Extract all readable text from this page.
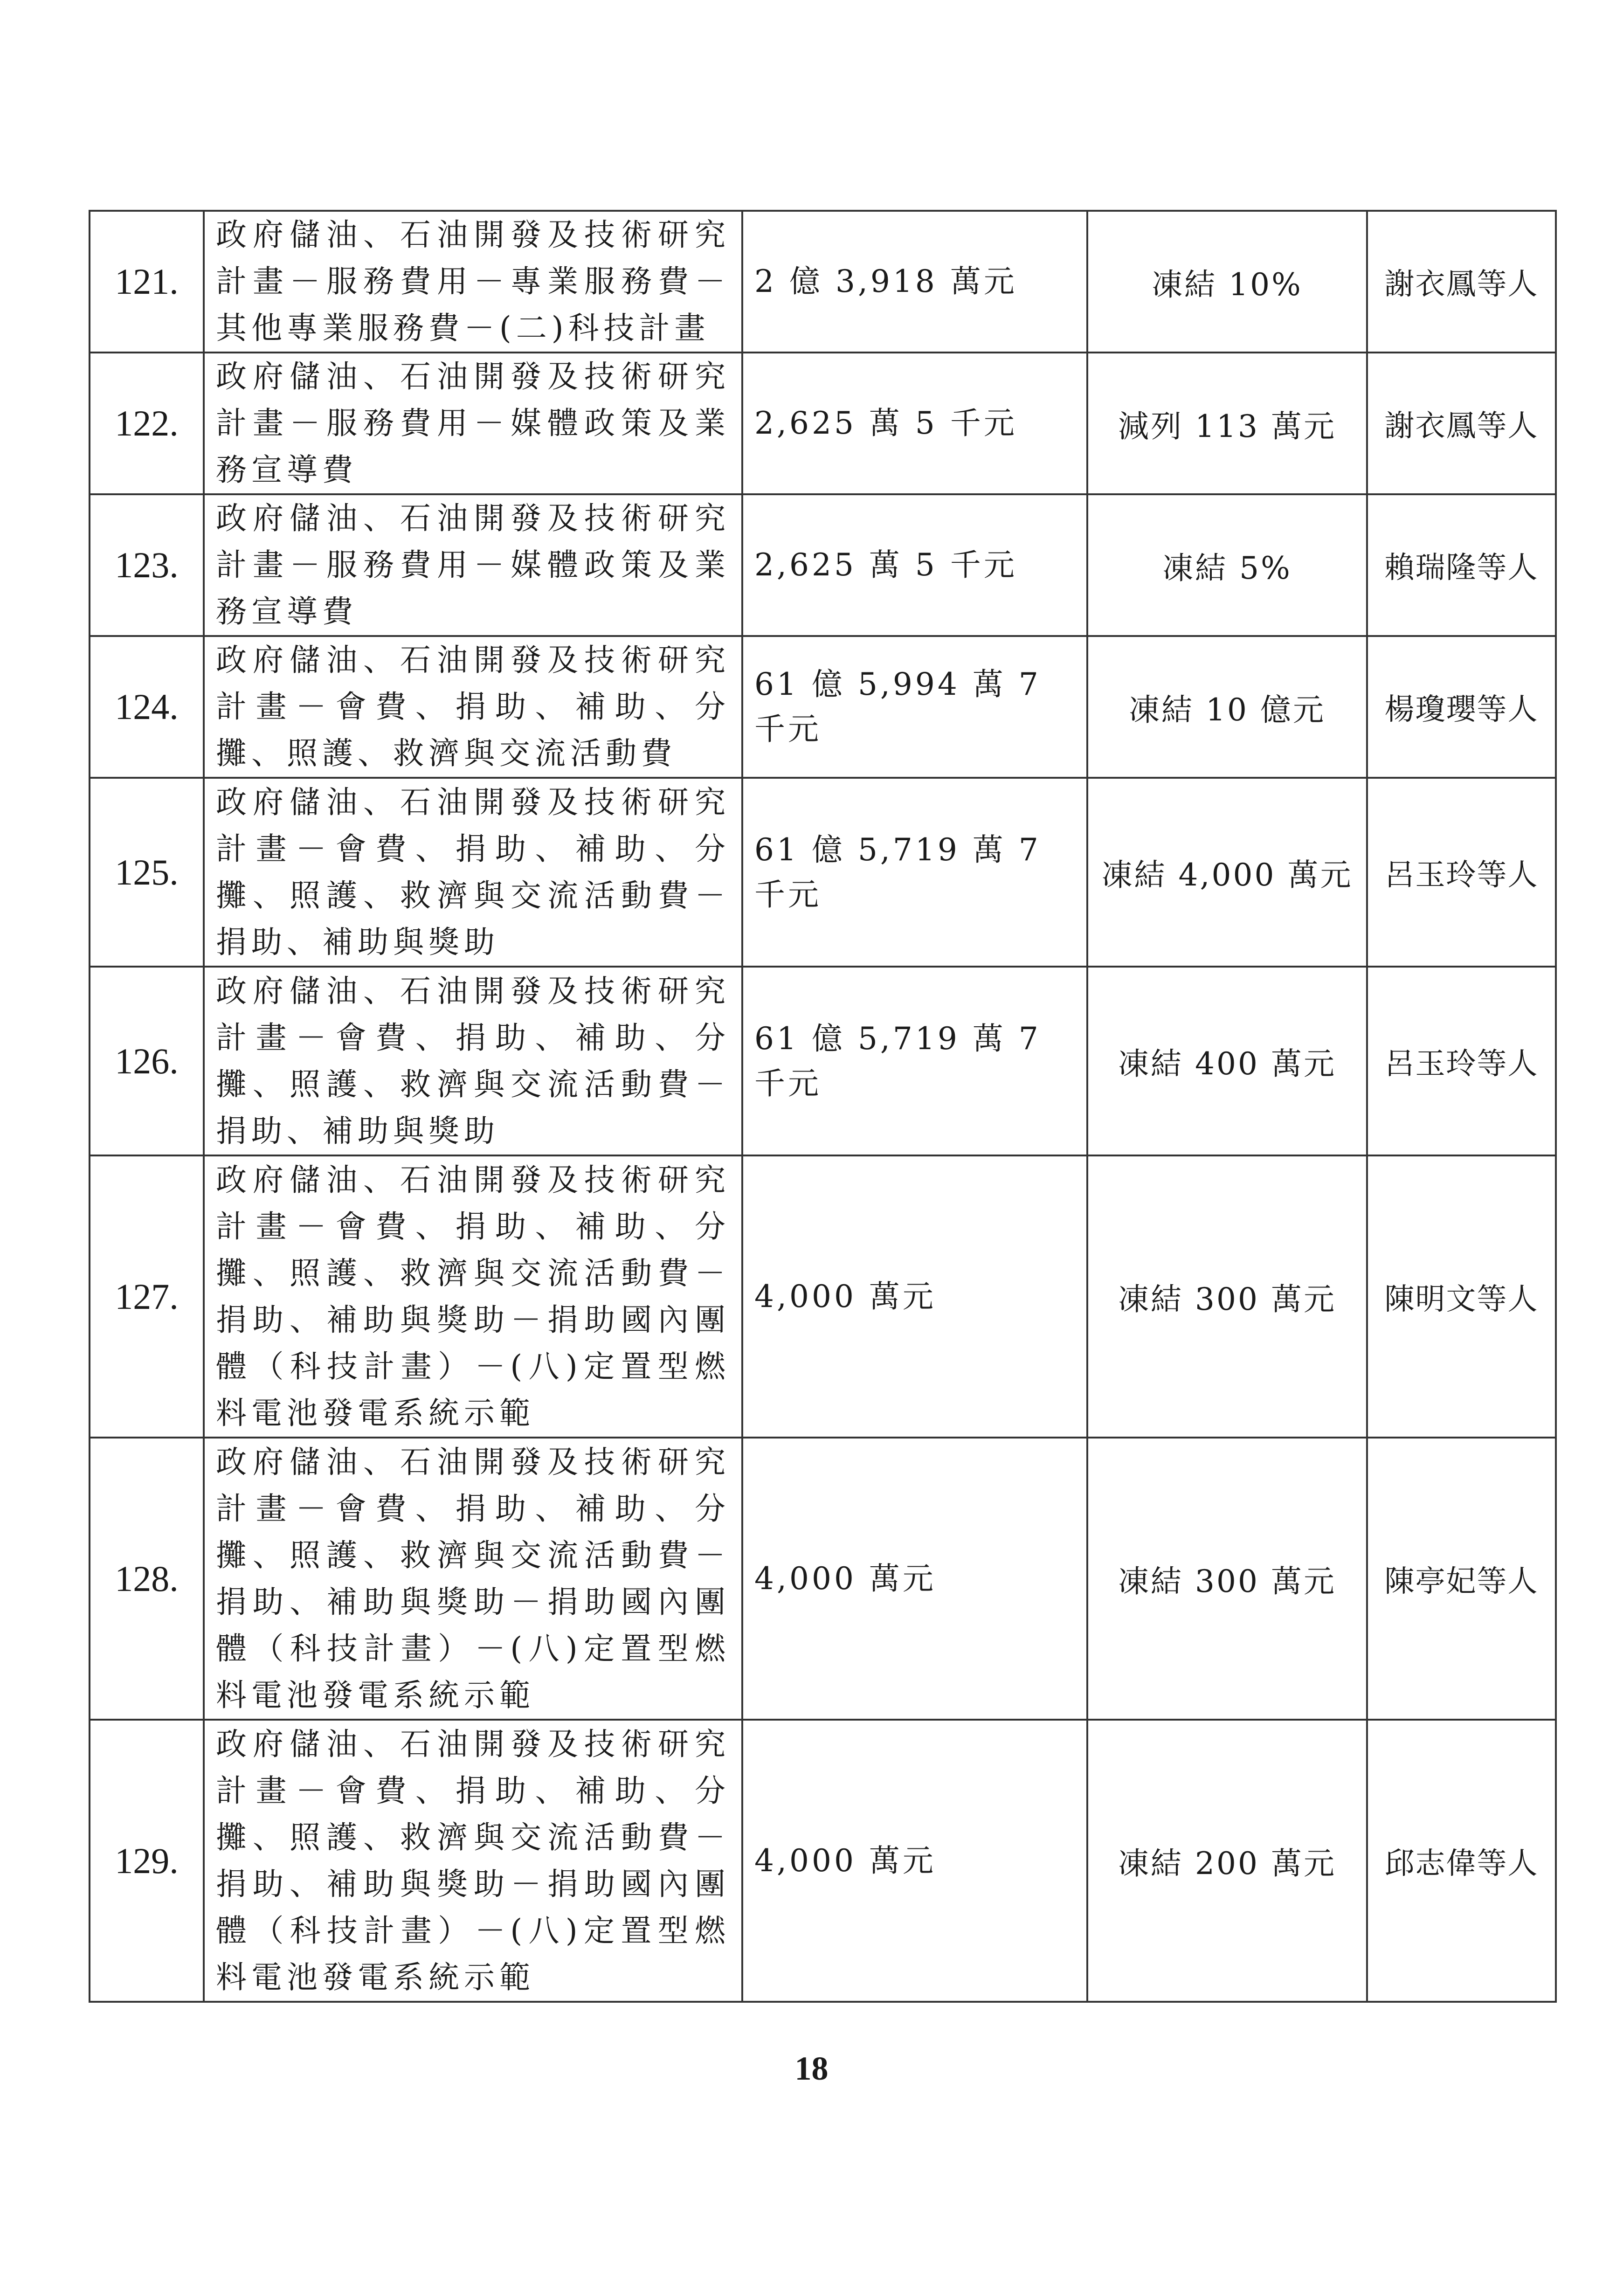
121.	政府儲油、石油開發及技術研究計畫－服務費用－專業服務費－其他專業服務費－(二)科技計畫	2 億 3,918 萬元	凍結 10%	謝衣鳳等人
122.	政府儲油、石油開發及技術研究計畫－服務費用－媒體政策及業務宣導費	2,625 萬 5 千元	減列 113 萬元	謝衣鳳等人
123.	政府儲油、石油開發及技術研究計畫－服務費用－媒體政策及業務宣導費	2,625 萬 5 千元	凍結 5%	賴瑞隆等人
124.	政府儲油、石油開發及技術研究計畫－會費、捐助、補助、分攤、照護、救濟與交流活動費	61 億 5,994 萬 7 千元	凍結 10 億元	楊瓊瓔等人
125.	政府儲油、石油開發及技術研究計畫－會費、捐助、補助、分攤、照護、救濟與交流活動費－捐助、補助與獎助	61 億 5,719 萬 7 千元	凍結 4,000 萬元	呂玉玲等人
126.	政府儲油、石油開發及技術研究計畫－會費、捐助、補助、分攤、照護、救濟與交流活動費－捐助、補助與獎助	61 億 5,719 萬 7 千元	凍結 400 萬元	呂玉玲等人
127.	政府儲油、石油開發及技術研究計畫－會費、捐助、補助、分攤、照護、救濟與交流活動費－捐助、補助與獎助－捐助國內團體（科技計畫）－(八)定置型燃料電池發電系統示範	4,000 萬元	凍結 300 萬元	陳明文等人
128.	政府儲油、石油開發及技術研究計畫－會費、捐助、補助、分攤、照護、救濟與交流活動費－捐助、補助與獎助－捐助國內團體（科技計畫）－(八)定置型燃料電池發電系統示範	4,000 萬元	凍結 300 萬元	陳亭妃等人
129.	政府儲油、石油開發及技術研究計畫－會費、捐助、補助、分攤、照護、救濟與交流活動費－捐助、補助與獎助－捐助國內團體（科技計畫）－(八)定置型燃料電池發電系統示範	4,000 萬元	凍結 200 萬元	邱志偉等人
18
